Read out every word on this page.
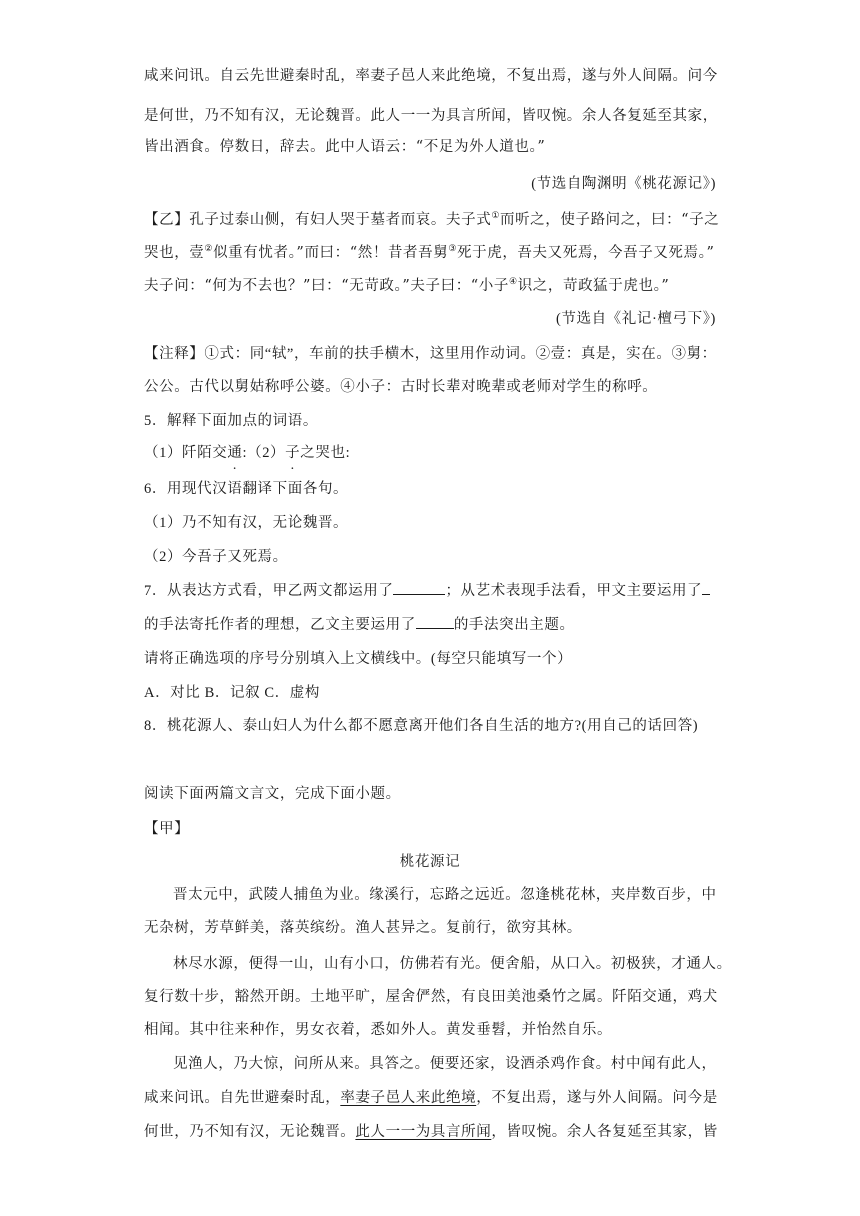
咸来问讯。自云先世避秦时乱，率妻子邑人来此绝境，不复出焉，遂与外人间隔。问今
是何世，乃不知有汉，无论魏晋。此人一一为具言所闻，皆叹惋。余人各复延至其家，
皆出酒食。停数日，辞去。此中人语云：“不足为外人道也。”
(节选自陶渊明《桃花源记》)
【乙】孔子过泰山侧，有妇人哭于墓者而哀。夫子式①而听之，使子路问之，曰：“子之
哭也，壹②似重有忧者。”而曰：“然！昔者吾舅③死于虎，吾夫又死焉，今吾子又死焉。”
夫子问：“何为不去也？”曰：“无苛政。”夫子曰：“小子④识之，苛政猛于虎也。”
(节选自《礼记·檀弓下》)
【注释】①式：同“轼”，车前的扶手横木，这里用作动词。②壹：真是，实在。③舅：
公公。古代以舅姑称呼公婆。④小子：古时长辈对晚辈或老师对学生的称呼。
5．解释下面加点的词语。
（1）阡陌交通:（2）子之哭也:
6．用现代汉语翻译下面各句。
（1）乃不知有汉，无论魏晋。
（2）今吾子又死焉。
7．从表达方式看，甲乙两文都运用了	；从艺术表现手法看，甲文主要运用了
的手法寄托作者的理想，乙文主要运用了	的手法突出主题。
请将正确选项的序号分别填入上文横线中。(每空只能填写一个）
A．对比 B．记叙 C．虚构
8．桃花源人、泰山妇人为什么都不愿意离开他们各自生活的地方?(用自己的话回答)
阅读下面两篇文言文，完成下面小题。
【甲】
桃花源记
晋太元中，武陵人捕鱼为业。缘溪行，忘路之远近。忽逢桃花林，夹岸数百步，中
无杂树，芳草鲜美，落英缤纷。渔人甚异之。复前行，欲穷其林。
林尽水源，便得一山，山有小口，仿佛若有光。便舍船，从口入。初极狭，才通人。
复行数十步，豁然开朗。土地平旷，屋舍俨然，有良田美池桑竹之属。阡陌交通，鸡犬
相闻。其中往来种作，男女衣着，悉如外人。黄发垂髫，并怡然自乐。
见渔人，乃大惊，问所从来。具答之。便要还家，设酒杀鸡作食。村中闻有此人，
咸来问讯。自先世避秦时乱，率妻子邑人来此绝境，不复出焉，遂与外人间隔。问今是
何世，乃不知有汉，无论魏晋。此人一一为具言所闻，皆叹惋。余人各复延至其家，皆
